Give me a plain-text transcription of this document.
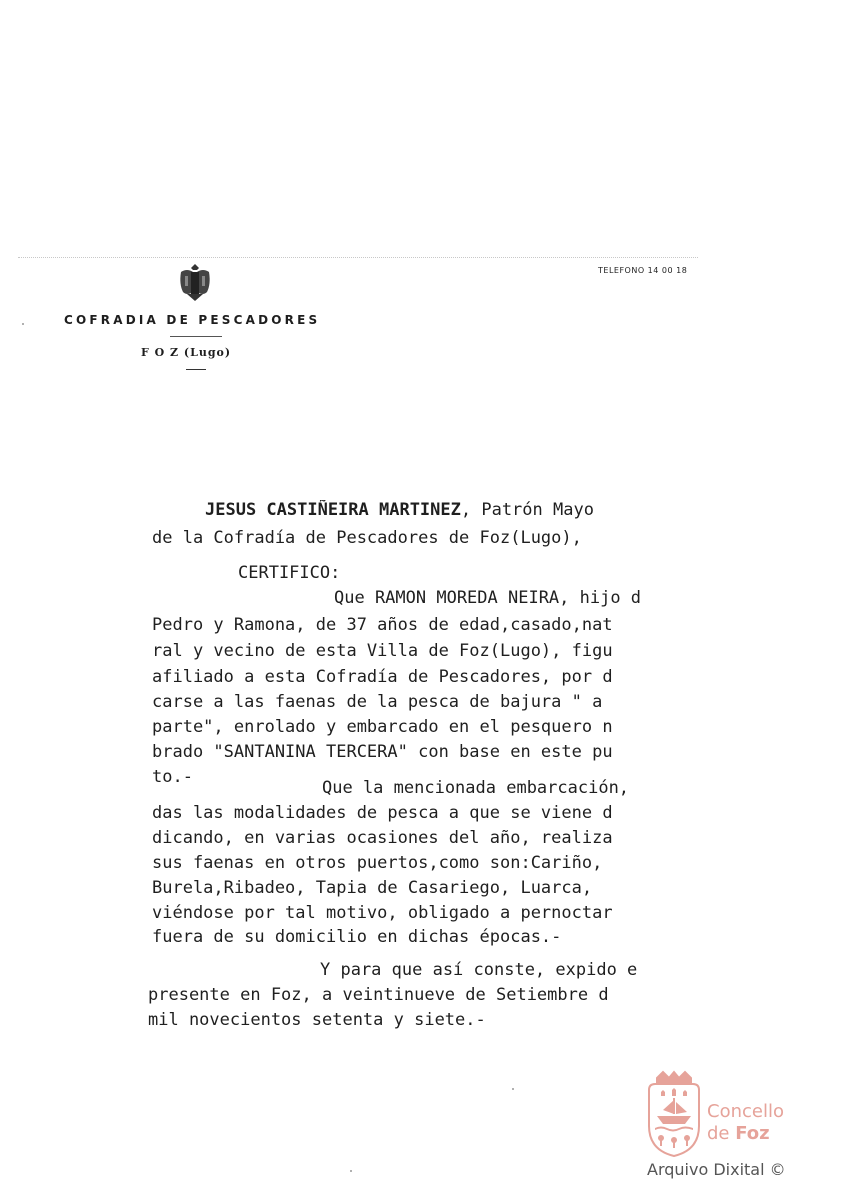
TELEFONO 14 00 18
COFRADIA DE PESCADORES
F O Z (Lugo)
JESUS CASTIÑEIRA MARTINEZ, Patrón Mayo
de la Cofradía de Pescadores de Foz(Lugo),
CERTIFICO:
Que RAMON MOREDA NEIRA, hijo d
Pedro y Ramona, de 37 años de edad,casado,nat
ral y vecino de esta Villa de Foz(Lugo), figu
afiliado a esta Cofradía de Pescadores, por d
carse a las faenas de la pesca de bajura " a
parte", enrolado y embarcado en el pesquero n
brado "SANTANINA TERCERA" con base en este pu
to.-
Que la mencionada embarcación,
das las modalidades de pesca a que se viene d
dicando, en varias ocasiones del año, realiza
sus faenas en otros puertos,como son:Cariño,
Burela,Ribadeo, Tapia de Casariego, Luarca,
viéndose por tal motivo, obligado a pernoctar
fuera de su domicilio en dichas épocas.-
Y para que así conste, expido e
presente en Foz, a veintinueve de Setiembre d
mil novecientos setenta y siete.-
Concello
de Foz
Arquivo Dixital ©
